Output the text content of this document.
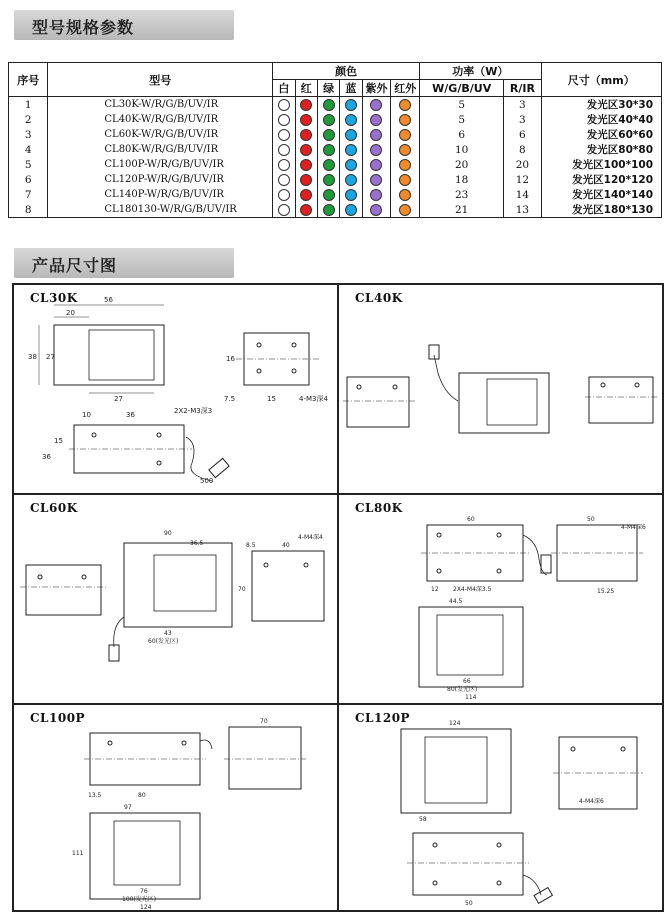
型号规格参数
序号	型号	颜色						功率（W）		尺寸（mm）
		白	红	绿	蓝	紫外	红外	W/G/B/UV	R/IR	
1	CL30K-W/R/G/B/UV/IR							5	3	发光区30*30
2	CL40K-W/R/G/B/UV/IR							5	3	发光区40*40
3	CL60K-W/R/G/B/UV/IR							6	6	发光区60*60
4	CL80K-W/R/G/B/UV/IR							10	8	发光区80*80
5	CL100P-W/R/G/B/UV/IR							20	20	发光区100*100
6	CL120P-W/R/G/B/UV/IR							18	12	发光区120*120
7	CL140P-W/R/G/B/UV/IR							23	14	发光区140*140
8	CL180130-W/R/G/B/UV/IR							21	13	发光区180*130
产品尺寸图
CL30K	56
20
38 27
27
16
7.5	15	4-M3深4
10	36	2X2-M3深3
15
36
500
CL40K
CL60K
90
36.5
43
60(发光区)
8.5	40
4-M4深4
70
CL80K
60
12 2X4-M4深3.5
50
4-M4深6
15.25
44.5
66
80(发光区)
114
CL100P
80
13.5
70
97
76
100(发光区)
124
111
CL120P	124
58
4-M4深6
50
